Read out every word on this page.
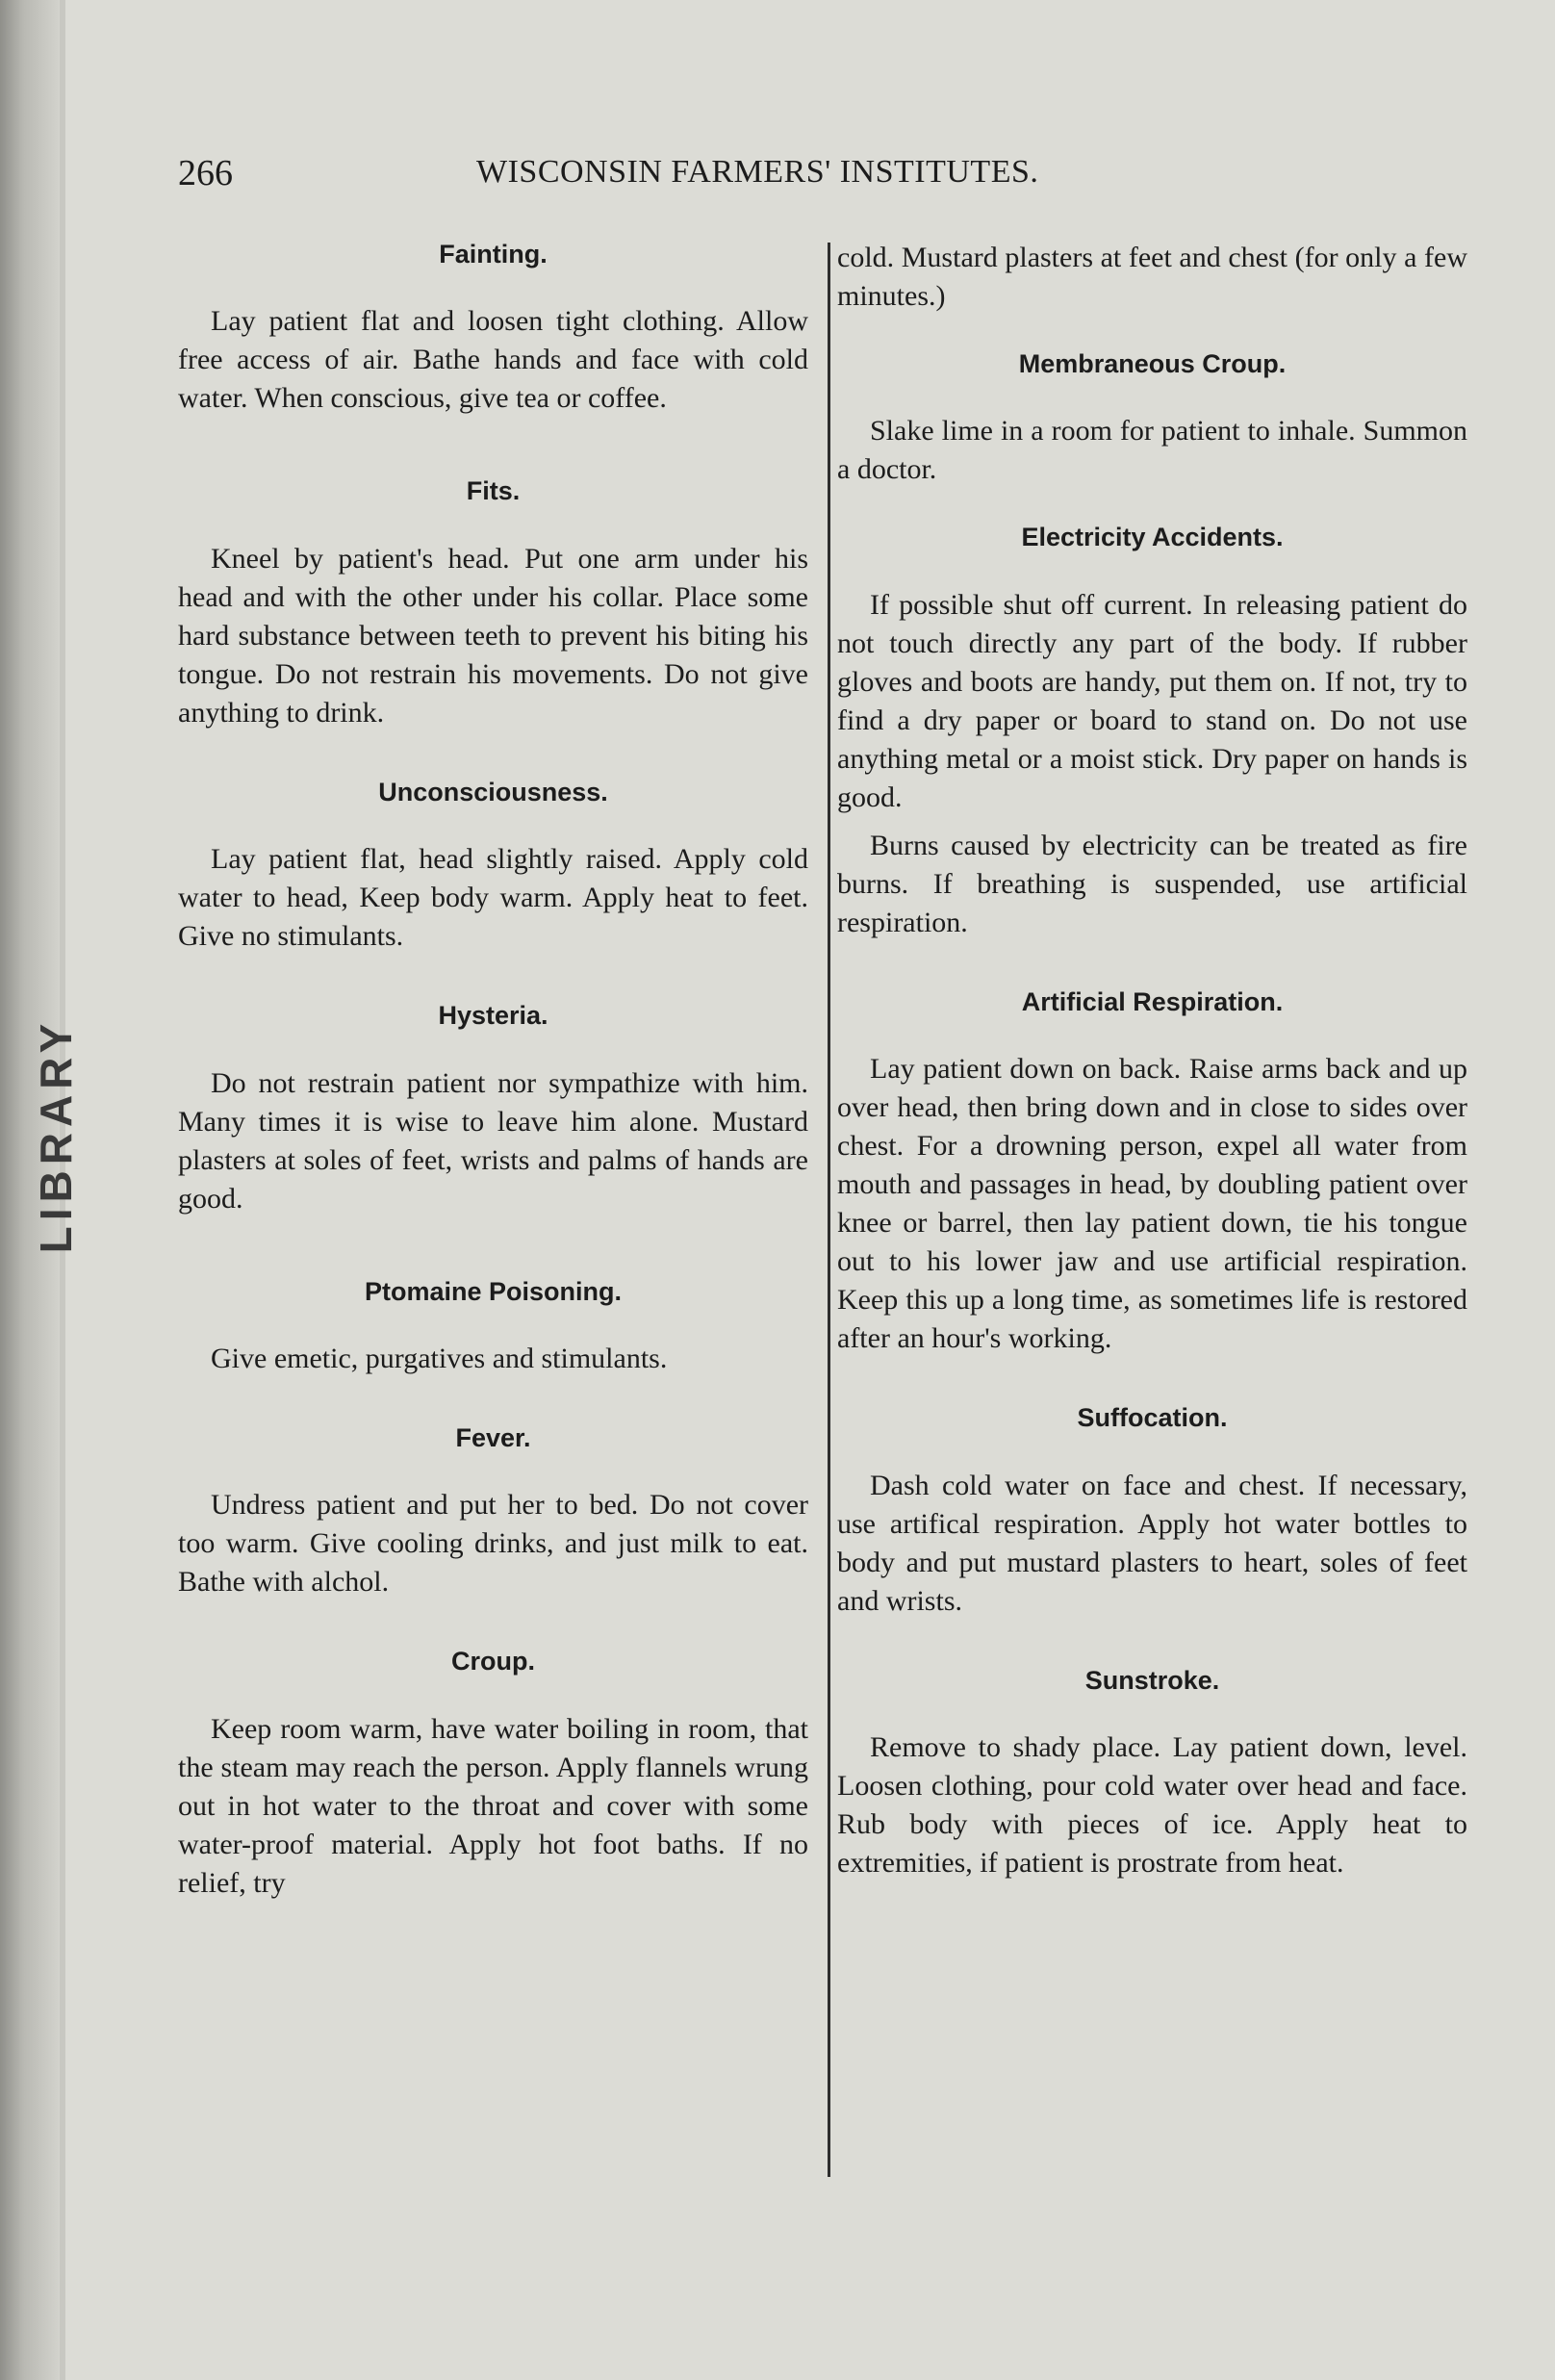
LIBRARY
266	WISCONSIN FARMERS' INSTITUTES.
Fainting.

Lay patient flat and loosen tight clothing. Allow free access of air. Bathe hands and face with cold water. When conscious, give tea or coffee.

Fits.

Kneel by patient's head. Put one arm under his head and with the other under his collar. Place some hard substance between teeth to prevent his biting his tongue. Do not restrain his movements. Do not give anything to drink.

Unconsciousness.

Lay patient flat, head slightly raised. Apply cold water to head, Keep body warm. Apply heat to feet. Give no stimulants.

Hysteria.

Do not restrain patient nor sympathize with him. Many times it is wise to leave him alone. Mustard plasters at soles of feet, wrists and palms of hands are good.

Ptomaine Poisoning.

Give emetic, purgatives and stimulants.

Fever.

Undress patient and put her to bed. Do not cover too warm. Give cooling drinks, and just milk to eat. Bathe with alchol.

Croup.

Keep room warm, have water boiling in room, that the steam may reach the person. Apply flannels wrung out in hot water to the throat and cover with some water-proof material. Apply hot foot baths. If no relief, try

cold. Mustard plasters at feet and chest (for only a few minutes.)

Membraneous Croup.

Slake lime in a room for patient to inhale. Summon a doctor.

Electricity Accidents.

If possible shut off current. In releasing patient do not touch directly any part of the body. If rubber gloves and boots are handy, put them on. If not, try to find a dry paper or board to stand on. Do not use anything metal or a moist stick. Dry paper on hands is good.

Burns caused by electricity can be treated as fire burns. If breathing is suspended, use artificial respiration.

Artificial Respiration.

Lay patient down on back. Raise arms back and up over head, then bring down and in close to sides over chest. For a drowning person, expel all water from mouth and passages in head, by doubling patient over knee or barrel, then lay patient down, tie his tongue out to his lower jaw and use artificial respiration. Keep this up a long time, as sometimes life is restored after an hour's working.

Suffocation.

Dash cold water on face and chest. If necessary, use artifical respiration. Apply hot water bottles to body and put mustard plasters to heart, soles of feet and wrists.

Sunstroke.

Remove to shady place. Lay patient down, level. Loosen clothing, pour cold water over head and face. Rub body with pieces of ice. Apply heat to extremities, if patient is prostrate from heat.
